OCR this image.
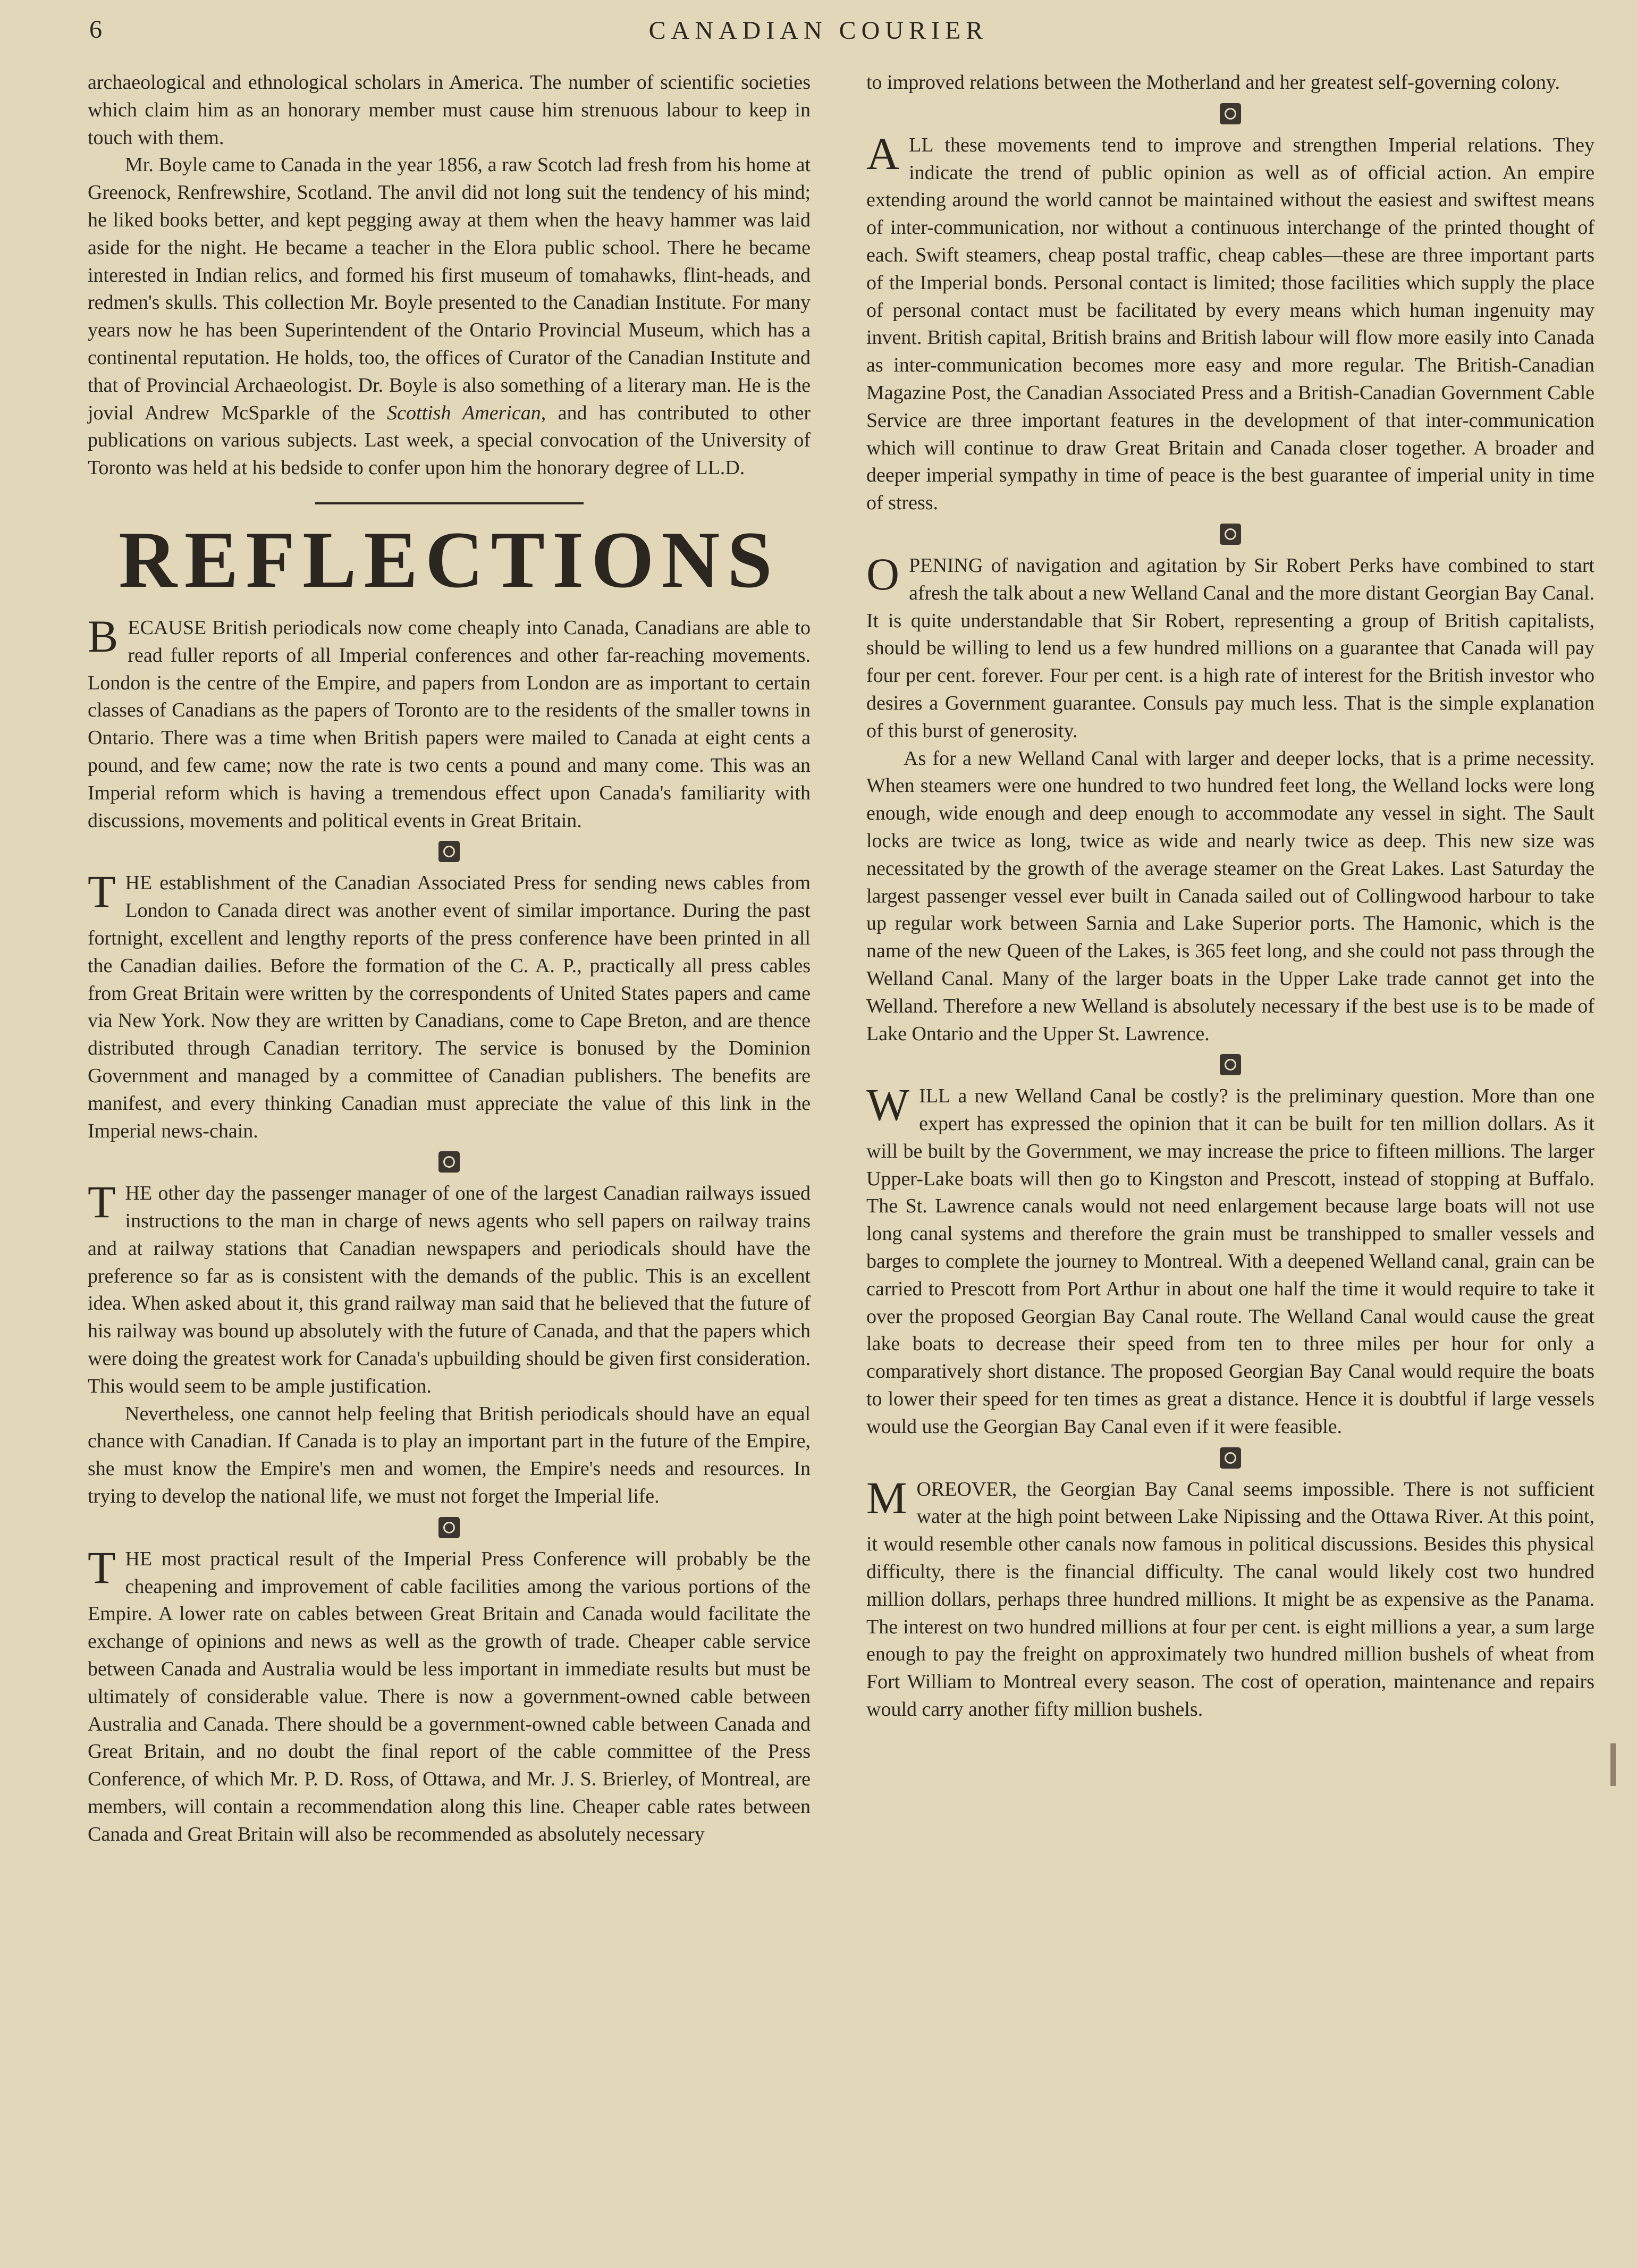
6	CANADIAN COURIER

archaeological and ethnological scholars in America. The number of scientific societies which claim him as an honorary member must cause him strenuous labour to keep in touch with them.

Mr. Boyle came to Canada in the year 1856, a raw Scotch lad fresh from his home at Greenock, Renfrewshire, Scotland. The anvil did not long suit the tendency of his mind; he liked books better, and kept pegging away at them when the heavy hammer was laid aside for the night. He became a teacher in the Elora public school. There he became interested in Indian relics, and formed his first museum of tomahawks, flint-heads, and redmen's skulls. This collection Mr. Boyle presented to the Canadian Institute. For many years now he has been Superintendent of the Ontario Provincial Museum, which has a continental reputation. He holds, too, the offices of Curator of the Canadian Institute and that of Provincial Archaeologist. Dr. Boyle is also something of a literary man. He is the jovial Andrew McSparkle of the Scottish American, and has contributed to other publications on various subjects. Last week, a special convocation of the University of Toronto was held at his bedside to confer upon him the honorary degree of LL.D.

REFLECTIONS

BECAUSE British periodicals now come cheaply into Canada, Canadians are able to read fuller reports of all Imperial conferences and other far-reaching movements. London is the centre of the Empire, and papers from London are as important to certain classes of Canadians as the papers of Toronto are to the residents of the smaller towns in Ontario. There was a time when British papers were mailed to Canada at eight cents a pound, and few came; now the rate is two cents a pound and many come. This was an Imperial reform which is having a tremendous effect upon Canada's familiarity with discussions, movements and political events in Great Britain.

THE establishment of the Canadian Associated Press for sending news cables from London to Canada direct was another event of similar importance. During the past fortnight, excellent and lengthy reports of the press conference have been printed in all the Canadian dailies. Before the formation of the C. A. P., practically all press cables from Great Britain were written by the correspondents of United States papers and came via New York. Now they are written by Canadians, come to Cape Breton, and are thence distributed through Canadian territory. The service is bonused by the Dominion Government and managed by a committee of Canadian publishers. The benefits are manifest, and every thinking Canadian must appreciate the value of this link in the Imperial news-chain.

THE other day the passenger manager of one of the largest Canadian railways issued instructions to the man in charge of news agents who sell papers on railway trains and at railway stations that Canadian newspapers and periodicals should have the preference so far as is consistent with the demands of the public. This is an excellent idea. When asked about it, this grand railway man said that he believed that the future of his railway was bound up absolutely with the future of Canada, and that the papers which were doing the greatest work for Canada's upbuilding should be given first consideration. This would seem to be ample justification.

Nevertheless, one cannot help feeling that British periodicals should have an equal chance with Canadian. If Canada is to play an important part in the future of the Empire, she must know the Empire's men and women, the Empire's needs and resources. In trying to develop the national life, we must not forget the Imperial life.

THE most practical result of the Imperial Press Conference will probably be the cheapening and improvement of cable facilities among the various portions of the Empire. A lower rate on cables between Great Britain and Canada would facilitate the exchange of opinions and news as well as the growth of trade. Cheaper cable service between Canada and Australia would be less important in immediate results but must be ultimately of considerable value. There is now a government-owned cable between Australia and Canada. There should be a government-owned cable between Canada and Great Britain, and no doubt the final report of the cable committee of the Press Conference, of which Mr. P. D. Ross, of Ottawa, and Mr. J. S. Brierley, of Montreal, are members, will contain a recommendation along this line. Cheaper cable rates between Canada and Great Britain will also be recommended as absolutely necessary

to improved relations between the Motherland and her greatest self-governing colony.

ALL these movements tend to improve and strengthen Imperial relations. They indicate the trend of public opinion as well as of official action. An empire extending around the world cannot be maintained without the easiest and swiftest means of inter-communication, nor without a continuous interchange of the printed thought of each. Swift steamers, cheap postal traffic, cheap cables—these are three important parts of the Imperial bonds. Personal contact is limited; those facilities which supply the place of personal contact must be facilitated by every means which human ingenuity may invent. British capital, British brains and British labour will flow more easily into Canada as inter-communication becomes more easy and more regular. The British-Canadian Magazine Post, the Canadian Associated Press and a British-Canadian Government Cable Service are three important features in the development of that inter-communication which will continue to draw Great Britain and Canada closer together. A broader and deeper imperial sympathy in time of peace is the best guarantee of imperial unity in time of stress.

OPENING of navigation and agitation by Sir Robert Perks have combined to start afresh the talk about a new Welland Canal and the more distant Georgian Bay Canal. It is quite understandable that Sir Robert, representing a group of British capitalists, should be willing to lend us a few hundred millions on a guarantee that Canada will pay four per cent. forever. Four per cent. is a high rate of interest for the British investor who desires a Government guarantee. Consuls pay much less. That is the simple explanation of this burst of generosity.

As for a new Welland Canal with larger and deeper locks, that is a prime necessity. When steamers were one hundred to two hundred feet long, the Welland locks were long enough, wide enough and deep enough to accommodate any vessel in sight. The Sault locks are twice as long, twice as wide and nearly twice as deep. This new size was necessitated by the growth of the average steamer on the Great Lakes. Last Saturday the largest passenger vessel ever built in Canada sailed out of Collingwood harbour to take up regular work between Sarnia and Lake Superior ports. The Hamonic, which is the name of the new Queen of the Lakes, is 365 feet long, and she could not pass through the Welland Canal. Many of the larger boats in the Upper Lake trade cannot get into the Welland. Therefore a new Welland is absolutely necessary if the best use is to be made of Lake Ontario and the Upper St. Lawrence.

WILL a new Welland Canal be costly? is the preliminary question. More than one expert has expressed the opinion that it can be built for ten million dollars. As it will be built by the Government, we may increase the price to fifteen millions. The larger Upper-Lake boats will then go to Kingston and Prescott, instead of stopping at Buffalo. The St. Lawrence canals would not need enlargement because large boats will not use long canal systems and therefore the grain must be transhipped to smaller vessels and barges to complete the journey to Montreal. With a deepened Welland canal, grain can be carried to Prescott from Port Arthur in about one half the time it would require to take it over the proposed Georgian Bay Canal route. The Welland Canal would cause the great lake boats to decrease their speed from ten to three miles per hour for only a comparatively short distance. The proposed Georgian Bay Canal would require the boats to lower their speed for ten times as great a distance. Hence it is doubtful if large vessels would use the Georgian Bay Canal even if it were feasible.

MOREOVER, the Georgian Bay Canal seems impossible. There is not sufficient water at the high point between Lake Nipissing and the Ottawa River. At this point, it would resemble other canals now famous in political discussions. Besides this physical difficulty, there is the financial difficulty. The canal would likely cost two hundred million dollars, perhaps three hundred millions. It might be as expensive as the Panama. The interest on two hundred millions at four per cent. is eight millions a year, a sum large enough to pay the freight on approximately two hundred million bushels of wheat from Fort William to Montreal every season. The cost of operation, maintenance and repairs would carry another fifty million bushels.
